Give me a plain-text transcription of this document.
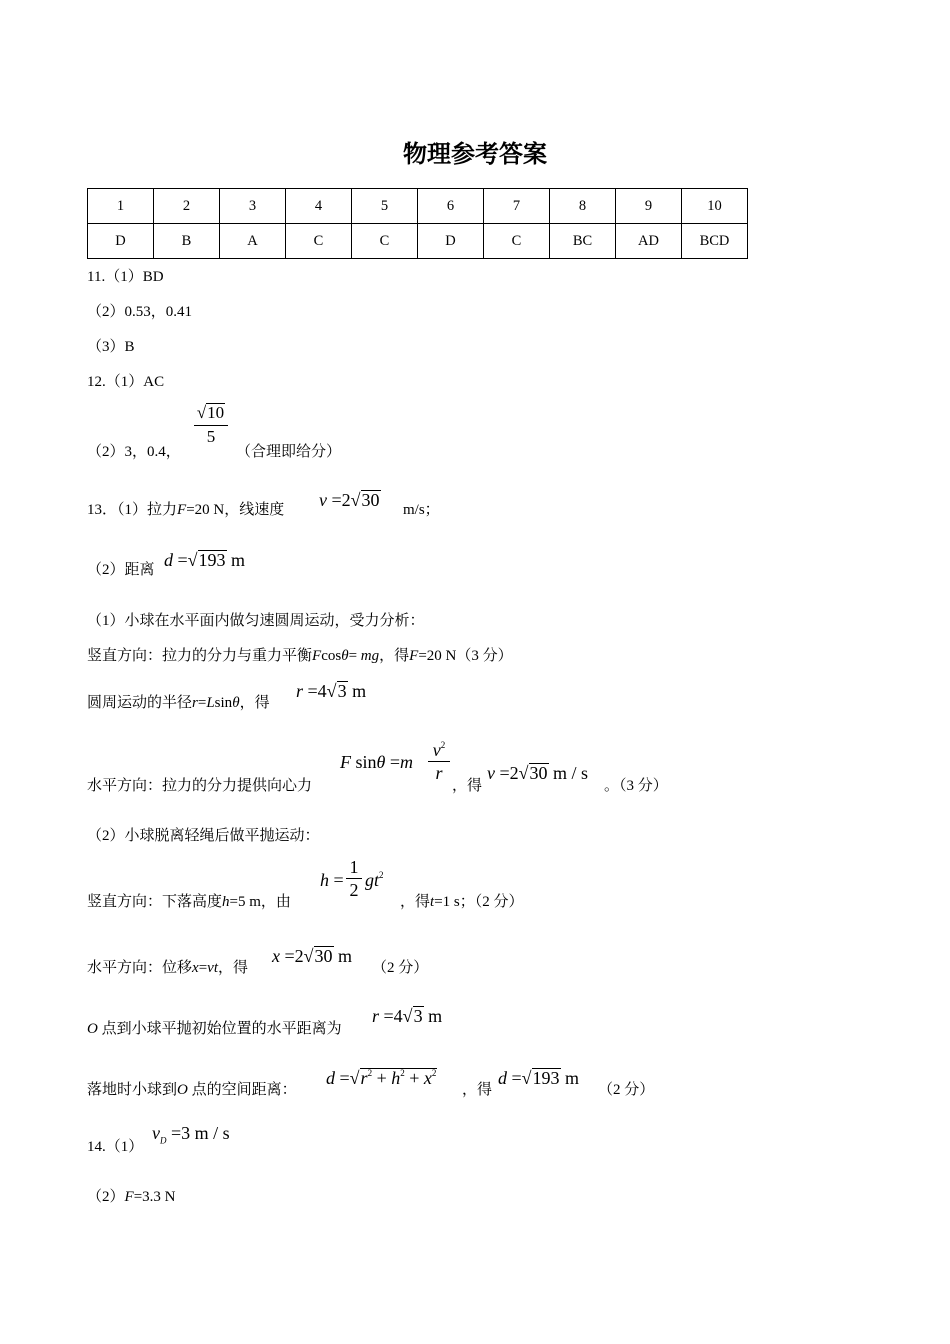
物理参考答案
1	2	3	4	5	6	7	8	9	10
D	B	A	C	C	D	C	BC	AD	BCD
11.（1）BD
（2）0.53，0.41
（3）B
12.（1）AC
（2）3，0.4，
√10
5
（合理即给分）
13．（1）拉力F=20 N，线速度 v =2√30 m/s；
（2）距离 d =√193 m
（1）小球在水平面内做匀速圆周运动，受力分析：
竖直方向：拉力的分力与重力平衡Fcosθ= mg，得F=20 N（3 分）
圆周运动的半径r=Lsinθ，得
r =4√3 m
水平方向：拉力的分力提供向心力
F sinθ =m
$v^2$
r
，得
v =2√30 m / s
。（3 分）
（2）小球脱离轻绳后做平抛运动：
竖直方向：下落高度h=5 m，由
$h = \frac{1}{2} gt^2$
，得t=1 s；（2 分）
水平方向：位移x=vt，得
x =2√30 m
（2 分）
O 点到小球平抛初始位置的水平距离为
r =4√3 m
落地时小球到O 点的空间距离：
$d =√r^2 + h^2 + x^2$
，得
d =√193 m
（2 分）
14.（1）
$v_D =3$ m / s
（2）F=3.3 N
